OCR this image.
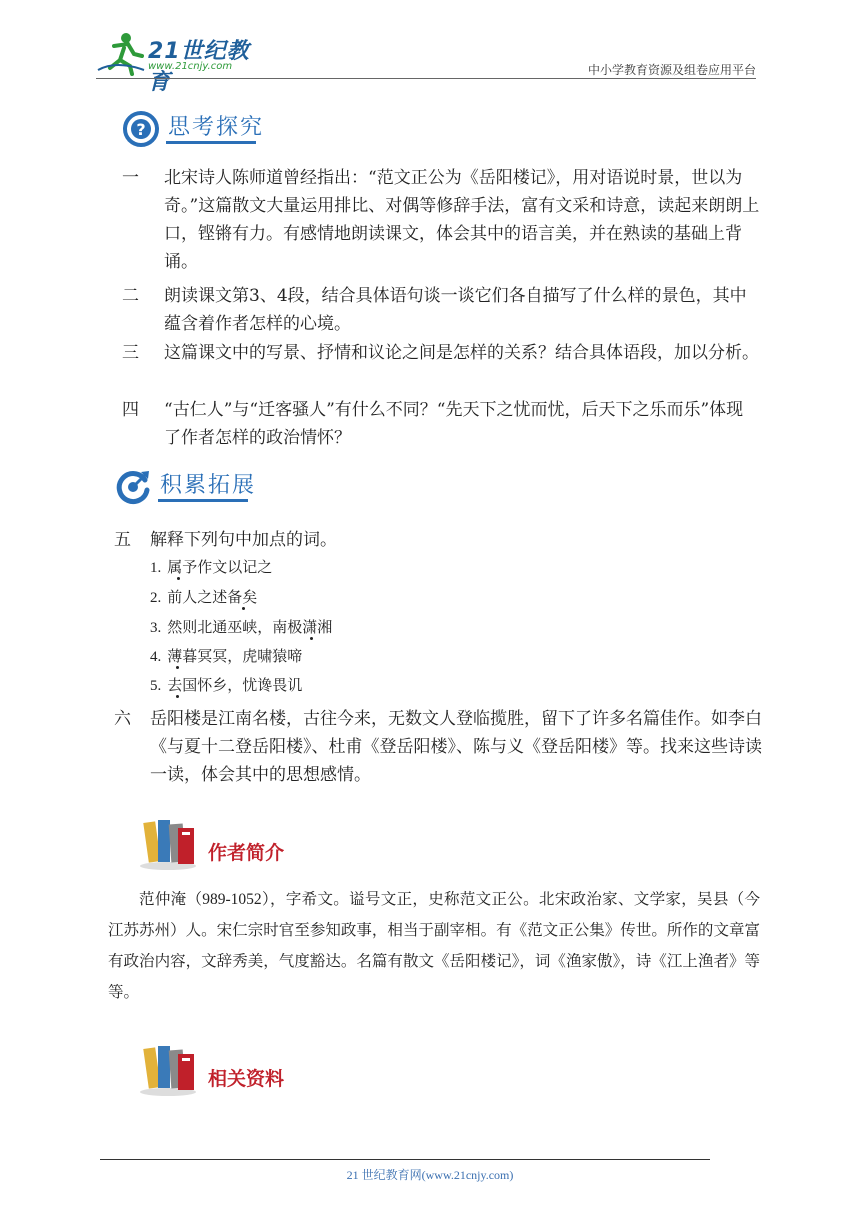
21世纪教育
www.21cnjy.com	中小学教育资源及组卷应用平台
? 思考探究
一	北宋诗人陈师道曾经指出：“范文正公为《岳阳楼记》，用对语说时景，世以为奇。”这篇散文大量运用排比、对偶等修辞手法，富有文采和诗意，读起来朗朗上口，铿锵有力。有感情地朗读课文，体会其中的语言美，并在熟读的基础上背诵。
二	朗读课文第3、4段，结合具体语句谈一谈它们各自描写了什么样的景色，其中蕴含着作者怎样的心境。
三	这篇课文中的写景、抒情和议论之间是怎样的关系？结合具体语段，加以分析。
四	“古仁人”与“迁客骚人”有什么不同？“先天下之忧而忧，后天下之乐而乐”体现了作者怎样的政治情怀？
积累拓展
五	解释下列句中加点的词。
1. 属予作文以记之
2. 前人之述备矣
3. 然则北通巫峡，南极潇湘
4. 薄暮冥冥，虎啸猿啼
5. 去国怀乡，忧谗畏讥
六	岳阳楼是江南名楼，古往今来，无数文人登临揽胜，留下了许多名篇佳作。如李白《与夏十二登岳阳楼》、杜甫《登岳阳楼》、陈与义《登岳阳楼》等。找来这些诗读一读，体会其中的思想感情。
作者简介
范仲淹（989-1052），字希文。谥号文正，史称范文正公。北宋政治家、文学家，吴县（今江苏苏州）人。宋仁宗时官至参知政事，相当于副宰相。有《范文正公集》传世。所作的文章富有政治内容，文辞秀美，气度豁达。名篇有散文《岳阳楼记》，词《渔家傲》，诗《江上渔者》等等。
相关资料
21 世纪教育网(www.21cnjy.com)
